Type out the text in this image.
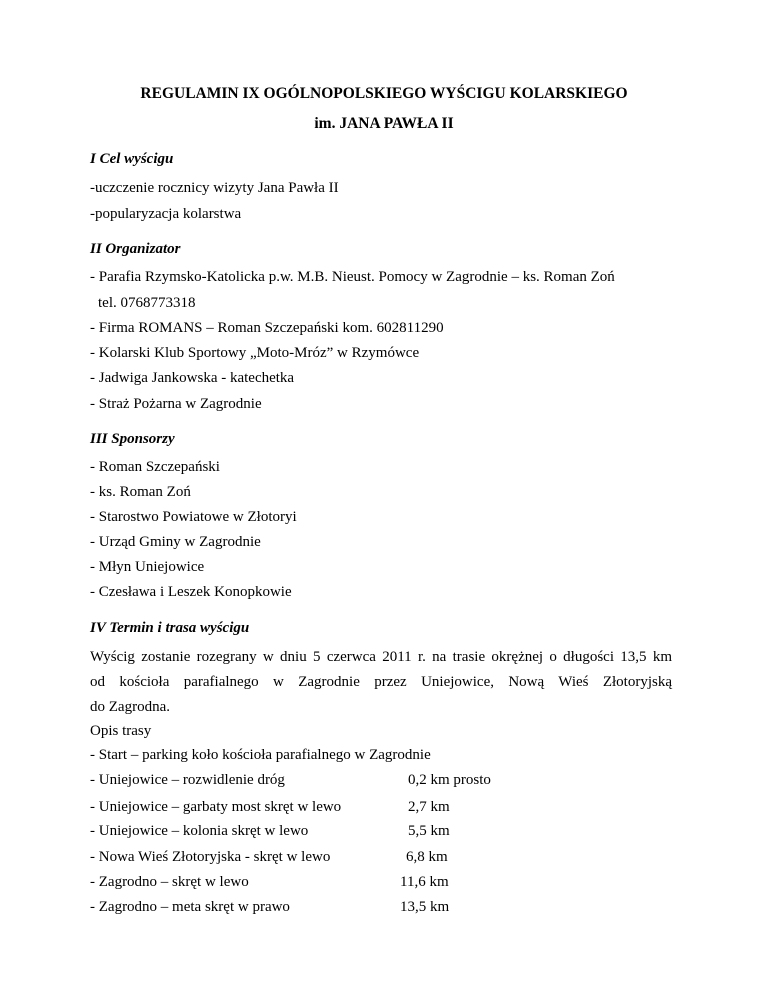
REGULAMIN IX OGÓLNOPOLSKIEGO WYŚCIGU KOLARSKIEGO
im. JANA PAWŁA II
I Cel wyścigu
-uczczenie rocznicy wizyty Jana Pawła II
-popularyzacja kolarstwa
II Organizator
- Parafia Rzymsko-Katolicka p.w. M.B. Nieust. Pomocy w Zagrodnie – ks. Roman Zoń
tel. 0768773318
- Firma ROMANS – Roman Szczepański kom. 602811290
- Kolarski Klub Sportowy „Moto-Mróz” w Rzymówce
- Jadwiga Jankowska - katechetka
- Straż Pożarna w Zagrodnie
III Sponsorzy
- Roman Szczepański
- ks. Roman Zoń
- Starostwo Powiatowe w Złotoryi
- Urząd Gminy w Zagrodnie
- Młyn Uniejowice
- Czesława i Leszek Konopkowie
IV Termin i trasa wyścigu
Wyścig zostanie rozegrany w dniu 5 czerwca 2011 r. na trasie okrężnej o długości 13,5 km
od kościoła parafialnego w Zagrodnie przez Uniejowice, Nową Wieś Złotoryjską
do Zagrodna.
Opis trasy
- Start – parking koło kościoła parafialnego w Zagrodnie
- Uniejowice – rozwidlenie dróg	0,2 km prosto
- Uniejowice – garbaty most skręt w lewo	2,7 km
- Uniejowice – kolonia skręt w lewo	5,5 km
- Nowa Wieś Złotoryjska - skręt w lewo	6,8 km
- Zagrodno – skręt w lewo	11,6 km
- Zagrodno – meta skręt w prawo	13,5 km
